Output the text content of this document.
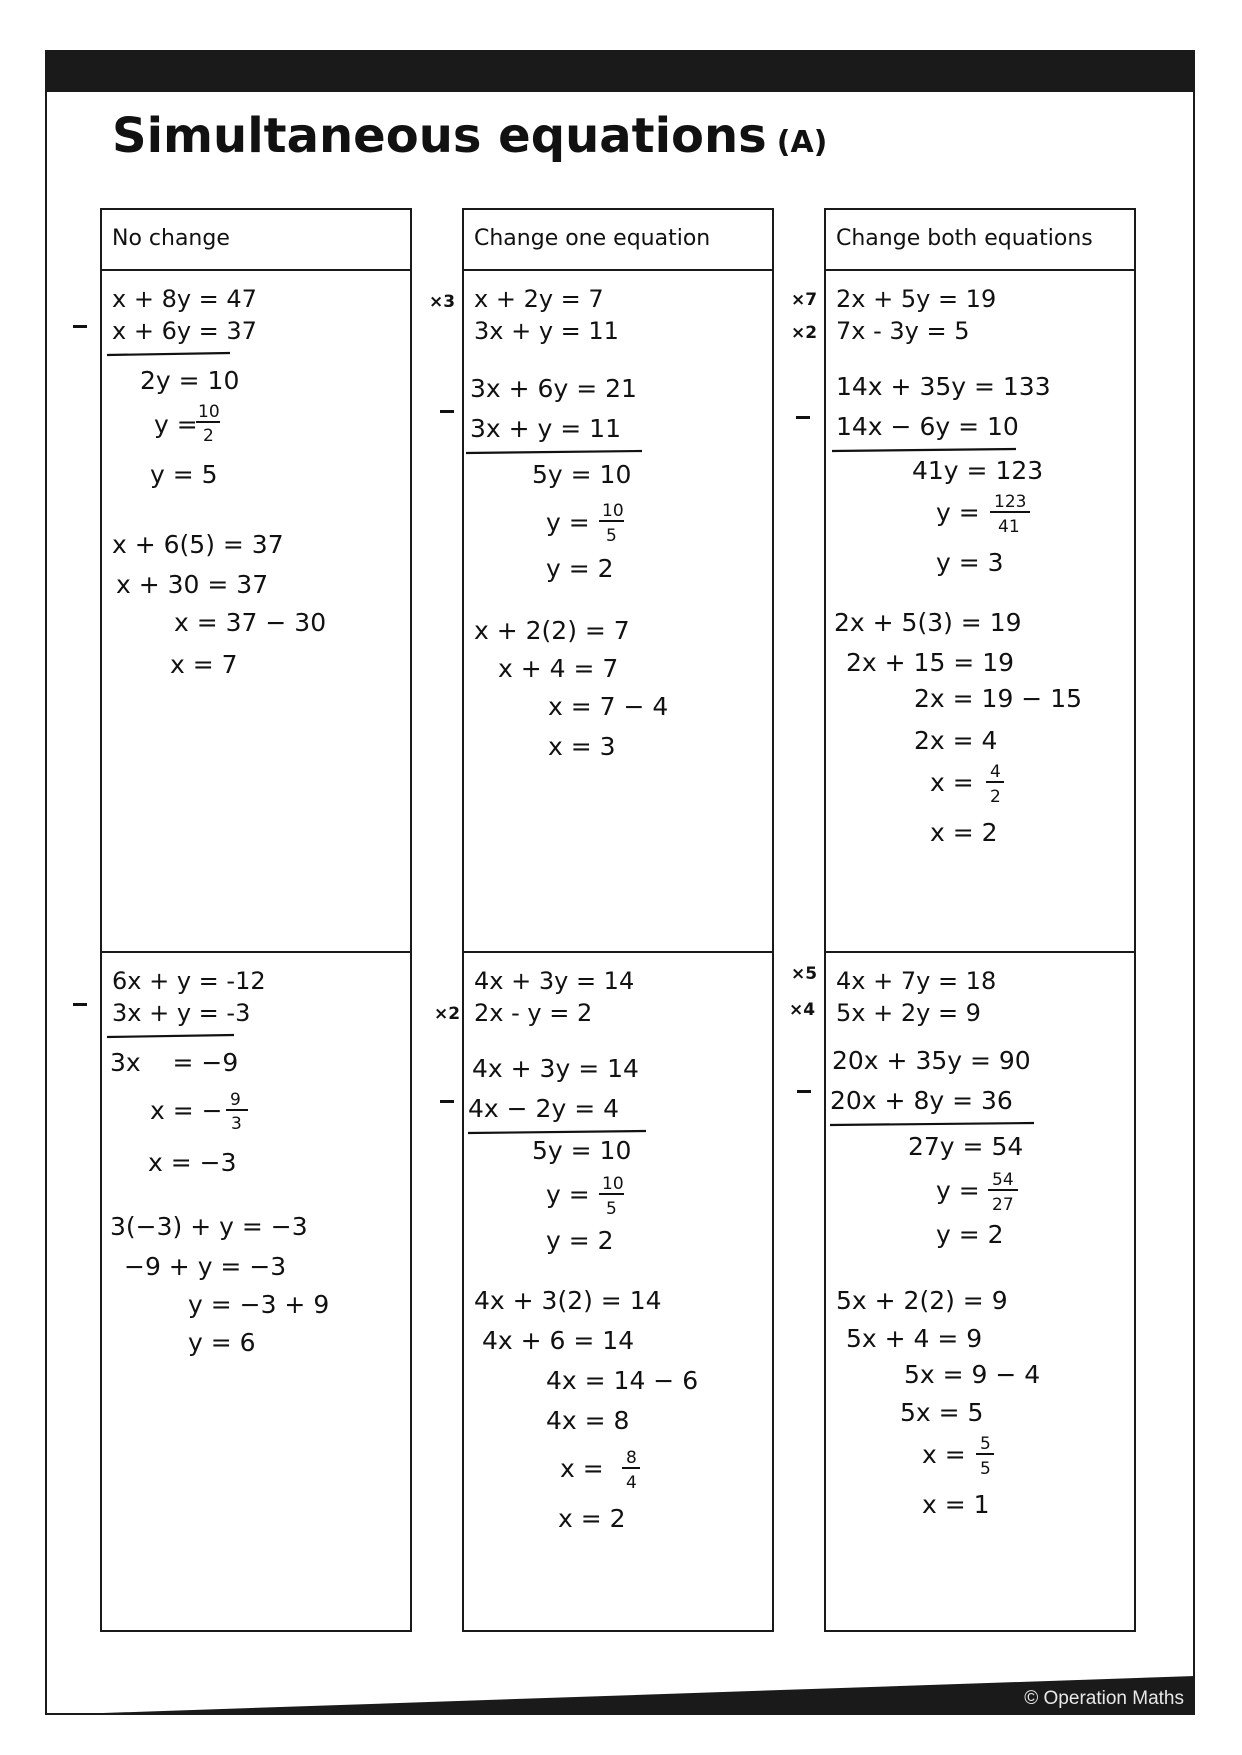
© Operation Maths
Simultaneous equations (A)
No change
x + 8y = 47
x + 6y = 37
2y = 10
y = 10
2
y = 5
x + 6(5) = 37
x + 30 = 37
x = 37 − 30
x = 7
6x + y = -12
3x + y = -3
3x    = −9
x = − 9
3
x = −3
3(−3) + y = −3
−9 + y = −3
y = −3 + 9
y = 6
Change one equation
x + 2y = 7
3x + y = 11
3x + 6y = 21
3x + y = 11
5y = 10
y = 10
5
y = 2
x + 2(2) = 7
x + 4 = 7
x = 7 − 4
x = 3
4x + 3y = 14
2x - y = 2
4x + 3y = 14
4x − 2y = 4
5y = 10
y = 10
5
y = 2
4x + 3(2) = 14
4x + 6 = 14
4x = 14 − 6
4x = 8
x = 8
4
x = 2
Change both equations
2x + 5y = 19
7x - 3y = 5
14x + 35y = 133
14x − 6y = 10
41y = 123
y = 123
41
y = 3
2x + 5(3) = 19
2x + 15 = 19
2x = 19 − 15
2x = 4
x = 4
2
x = 2
4x + 7y = 18
5x + 2y = 9
20x + 35y = 90
20x + 8y = 36
27y = 54
y = 54
27
y = 2
5x + 2(2) = 9
5x + 4 = 9
5x = 9 − 4
5x = 5
x = 5
5
x = 1
×3
×2
×7
×2
×5
×4
